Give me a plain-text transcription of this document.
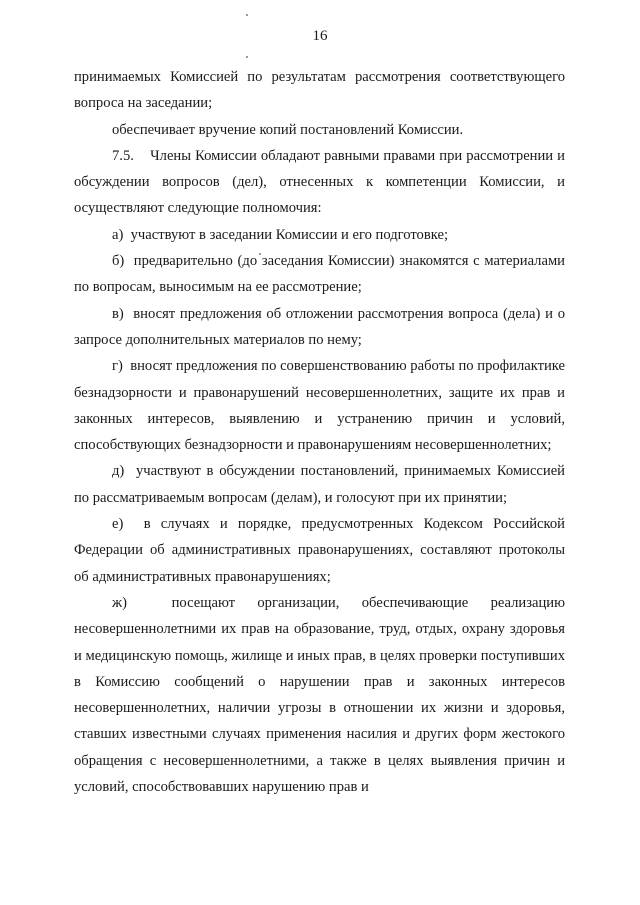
16

принимаемых Комиссией по результатам рассмотрения соответствующего вопроса на заседании;

обеспечивает вручение копий постановлений Комиссии.

7.5.    Члены Комиссии обладают равными правами при рассмотрении и обсуждении вопросов (дел), отнесенных к компетенции Комиссии, и осуществляют следующие полномочия:

а)  участвуют в заседании Комиссии и его подготовке;

б)  предварительно (до заседания Комиссии) знакомятся с материалами по вопросам, выносимым на ее рассмотрение;

в)  вносят предложения об отложении рассмотрения вопроса (дела) и о запросе дополнительных материалов по нему;

г)  вносят предложения по совершенствованию работы по профилактике безнадзорности и правонарушений несовершеннолетних, защите их прав и законных интересов, выявлению и устранению причин и условий, способствующих безнадзорности и правонарушениям несовершеннолетних;

д)  участвуют в обсуждении постановлений, принимаемых Комиссией по рассматриваемым вопросам (делам), и голосуют при их принятии;

е)  в случаях и порядке, предусмотренных Кодексом Российской Федерации об административных правонарушениях, составляют протоколы об административных правонарушениях;

ж)  посещают организации, обеспечивающие реализацию несовершеннолетними их прав на образование, труд, отдых, охрану здоровья и медицинскую помощь, жилище и иных прав, в целях проверки поступивших в Комиссию сообщений о нарушении прав и законных интересов несовершеннолетних, наличии угрозы в отношении их жизни и здоровья, ставших известными случаях применения насилия и других форм жестокого обращения с несовершеннолетними, а также в целях выявления причин и условий, способствовавших нарушению прав и
